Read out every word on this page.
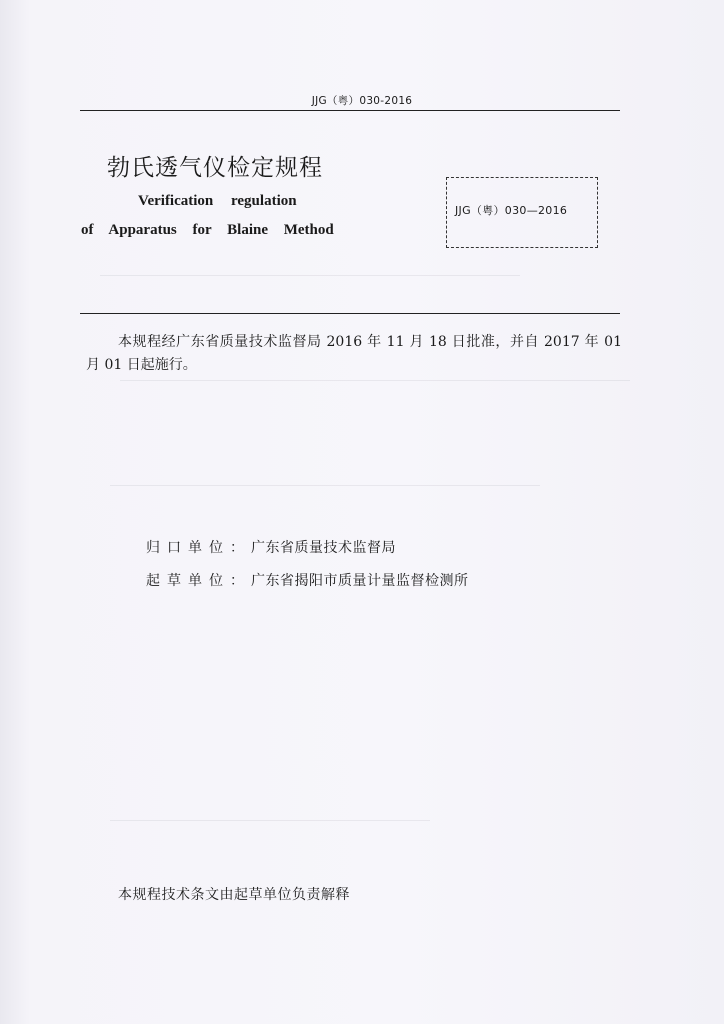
JJG（粤）030-2016
勃氏透气仪检定规程
Verification regulation
of Apparatus for Blaine Method
JJG（粤）030—2016
本规程经广东省质量技术监督局 2016 年 11 月 18 日批准，并自 2017 年 01 月 01 日起施行。
归口单位：广东省质量技术监督局
起草单位：广东省揭阳市质量计量监督检测所
本规程技术条文由起草单位负责解释
